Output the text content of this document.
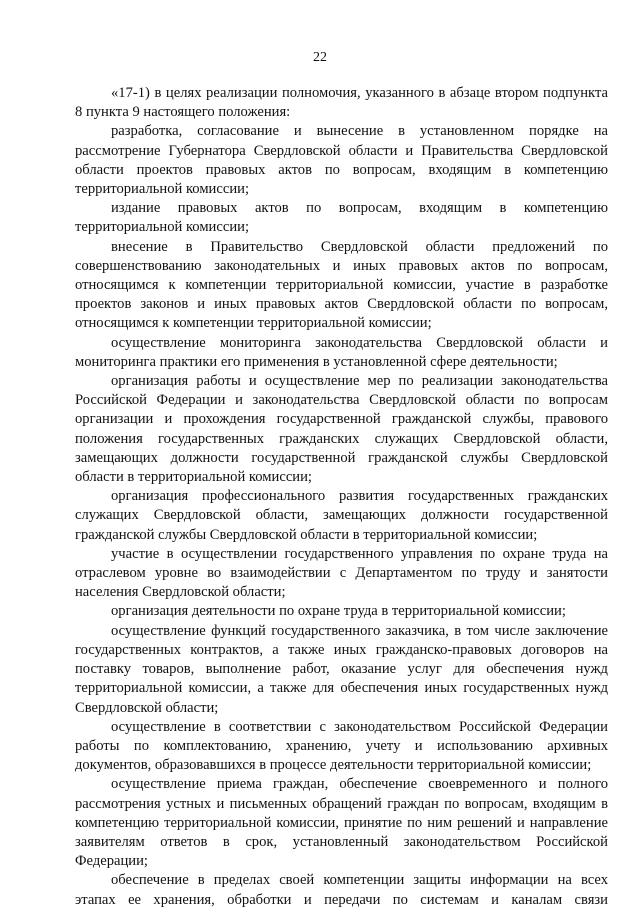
22

«17-1) в целях реализации полномочия, указанного в абзаце втором подпункта 8 пункта 9 настоящего положения:

разработка, согласование и вынесение в установленном порядке на рассмотрение Губернатора Свердловской области и Правительства Свердловской области проектов правовых актов по вопросам, входящим в компетенцию территориальной комиссии;

издание правовых актов по вопросам, входящим в компетенцию территориальной комиссии;

внесение в Правительство Свердловской области предложений по совершенствованию законодательных и иных правовых актов по вопросам, относящимся к компетенции территориальной комиссии, участие в разработке проектов законов и иных правовых актов Свердловской области по вопросам, относящимся к компетенции территориальной комиссии;

осуществление мониторинга законодательства Свердловской области и мониторинга практики его применения в установленной сфере деятельности;

организация работы и осуществление мер по реализации законодательства Российской Федерации и законодательства Свердловской области по вопросам организации и прохождения государственной гражданской службы, правового положения государственных гражданских служащих Свердловской области, замещающих должности государственной гражданской службы Свердловской области в территориальной комиссии;

организация профессионального развития государственных гражданских служащих Свердловской области, замещающих должности государственной гражданской службы Свердловской области в территориальной комиссии;

участие в осуществлении государственного управления по охране труда на отраслевом уровне во взаимодействии с Департаментом по труду и занятости населения Свердловской области;

организация деятельности по охране труда в территориальной комиссии;

осуществление функций государственного заказчика, в том числе заключение государственных контрактов, а также иных гражданско-правовых договоров на поставку товаров, выполнение работ, оказание услуг для обеспечения нужд территориальной комиссии, а также для обеспечения иных государственных нужд Свердловской области;

осуществление в соответствии с законодательством Российской Федерации работы по комплектованию, хранению, учету и использованию архивных документов, образовавшихся в процессе деятельности территориальной комиссии;

осуществление приема граждан, обеспечение своевременного и полного рассмотрения устных и письменных обращений граждан по вопросам, входящим в компетенцию территориальной комиссии, принятие по ним решений и направление заявителям ответов в срок, установленный законодательством Российской Федерации;

обеспечение в пределах своей компетенции защиты информации на всех этапах ее хранения, обработки и передачи по системам и каналам связи
